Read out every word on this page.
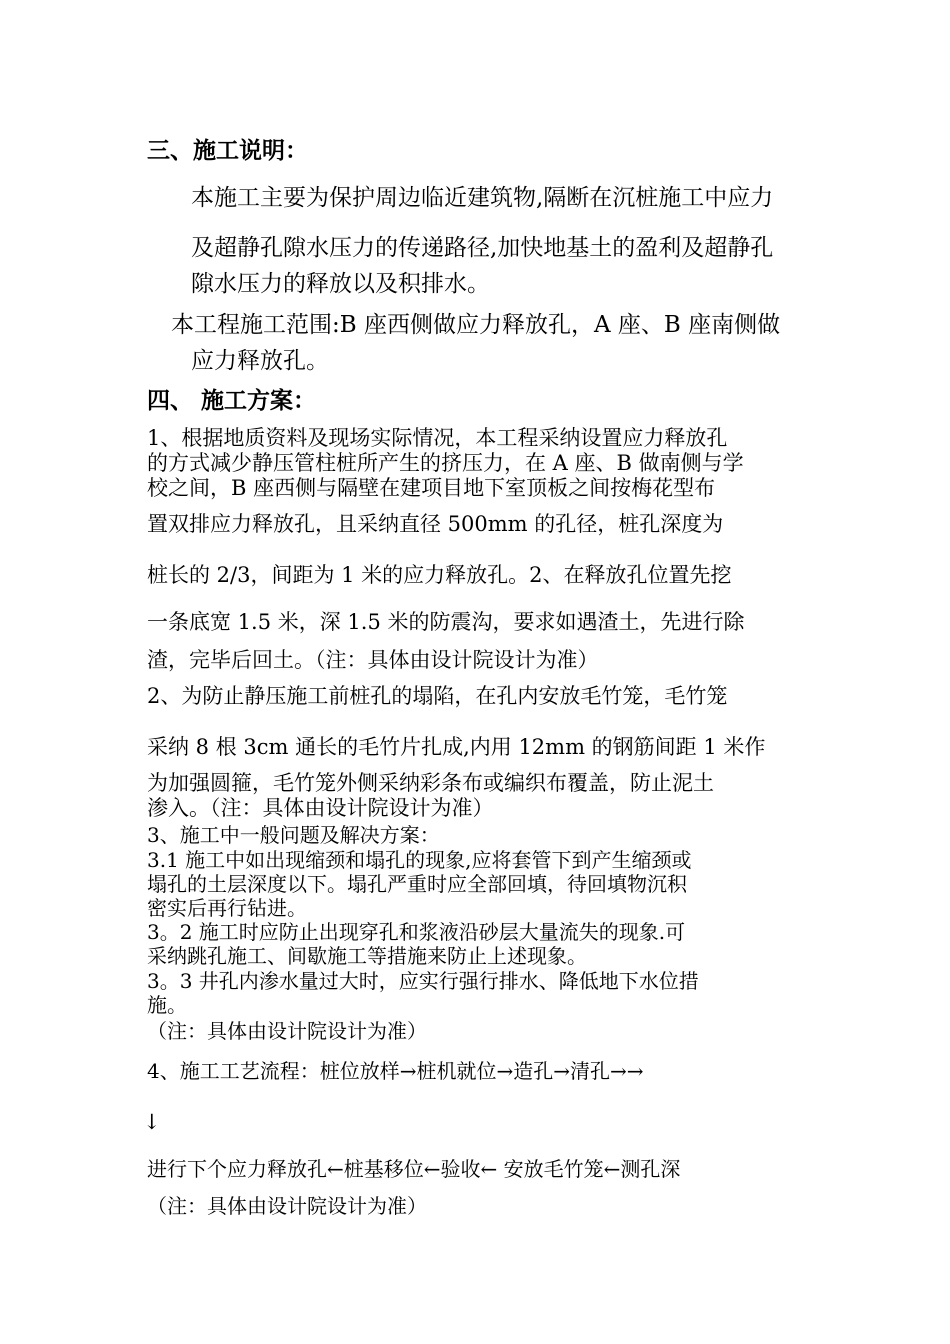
三、施工说明：
本施工主要为保护周边临近建筑物,隔断在沉桩施工中应力
及超静孔隙水压力的传递路径,加快地基土的盈利及超静孔
隙水压力的释放以及积排水。
本工程施工范围:B 座西侧做应力释放孔，A 座、B 座南侧做
应力释放孔。
四、 施工方案：
1、根据地质资料及现场实际情况，本工程采纳设置应力释放孔
的方式减少静压管柱桩所产生的挤压力，在 A 座、B 做南侧与学
校之间，B 座西侧与隔壁在建项目地下室顶板之间按梅花型布
置双排应力释放孔，且采纳直径 500mm 的孔径，桩孔深度为
桩长的 2/3，间距为 1 米的应力释放孔。2、在释放孔位置先挖
一条底宽 1.5 米，深 1.5 米的防震沟，要求如遇渣土，先进行除
渣，完毕后回土。（注：具体由设计院设计为准）
2、为防止静压施工前桩孔的塌陷，在孔内安放毛竹笼，毛竹笼
采纳 8 根 3cm 通长的毛竹片扎成,内用 12mm 的钢筋间距 1 米作
为加强圆箍，毛竹笼外侧采纳彩条布或编织布覆盖，防止泥土
渗入。（注：具体由设计院设计为准）
3、施工中一般问题及解决方案：
3.1 施工中如出现缩颈和塌孔的现象,应将套管下到产生缩颈或
塌孔的土层深度以下。塌孔严重时应全部回填，待回填物沉积
密实后再行钻进。
3。2 施工时应防止出现穿孔和浆液沿砂层大量流失的现象.可
采纳跳孔施工、间歇施工等措施来防止上述现象。
3。3 井孔内渗水量过大时，应实行强行排水、降低地下水位措
施。
（注：具体由设计院设计为准）
4、施工工艺流程：桩位放样→桩机就位→造孔→清孔→→
↓
进行下个应力释放孔←桩基移位←验收← 安放毛竹笼←测孔深
（注：具体由设计院设计为准）
